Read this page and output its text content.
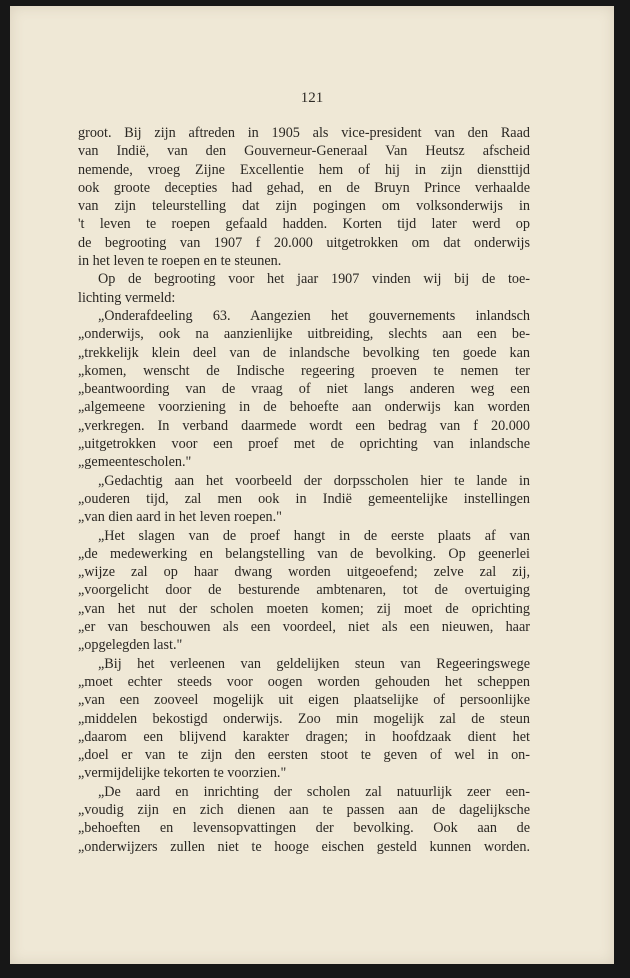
121
groot. Bij zijn aftreden in 1905 als vice-president van den Raad
van Indië, van den Gouverneur-Generaal Van Heutsz afscheid
nemende, vroeg Zijne Excellentie hem of hij in zijn diensttijd
ook groote decepties had gehad, en de Bruyn Prince verhaalde
van zijn teleurstelling dat zijn pogingen om volksonderwijs in
't leven te roepen gefaald hadden. Korten tijd later werd op
de begrooting van 1907 f 20.000 uitgetrokken om dat onderwijs
in het leven te roepen en te steunen.
Op de begrooting voor het jaar 1907 vinden wij bij de toe-
lichting vermeld:
„Onderafdeeling 63. Aangezien het gouvernements inlandsch
„onderwijs, ook na aanzienlijke uitbreiding, slechts aan een be-
„trekkelijk klein deel van de inlandsche bevolking ten goede kan
„komen, wenscht de Indische regeering proeven te nemen ter
„beantwoording van de vraag of niet langs anderen weg een
„algemeene voorziening in de behoefte aan onderwijs kan worden
„verkregen. In verband daarmede wordt een bedrag van f 20.000
„uitgetrokken voor een proef met de oprichting van inlandsche
„gemeentescholen."
„Gedachtig aan het voorbeeld der dorpsscholen hier te lande in
„ouderen tijd, zal men ook in Indië gemeentelijke instellingen
„van dien aard in het leven roepen."
„Het slagen van de proef hangt in de eerste plaats af van
„de medewerking en belangstelling van de bevolking. Op geenerlei
„wijze zal op haar dwang worden uitgeoefend; zelve zal zij,
„voorgelicht door de besturende ambtenaren, tot de overtuiging
„van het nut der scholen moeten komen; zij moet de oprichting
„er van beschouwen als een voordeel, niet als een nieuwen, haar
„opgelegden last."
„Bij het verleenen van geldelijken steun van Regeeringswege
„moet echter steeds voor oogen worden gehouden het scheppen
„van een zooveel mogelijk uit eigen plaatselijke of persoonlijke
„middelen bekostigd onderwijs. Zoo min mogelijk zal de steun
„daarom een blijvend karakter dragen; in hoofdzaak dient het
„doel er van te zijn den eersten stoot te geven of wel in on-
„vermijdelijke tekorten te voorzien."
„De aard en inrichting der scholen zal natuurlijk zeer een-
„voudig zijn en zich dienen aan te passen aan de dagelijksche
„behoeften en levensopvattingen der bevolking. Ook aan de
„onderwijzers zullen niet te hooge eischen gesteld kunnen worden.
